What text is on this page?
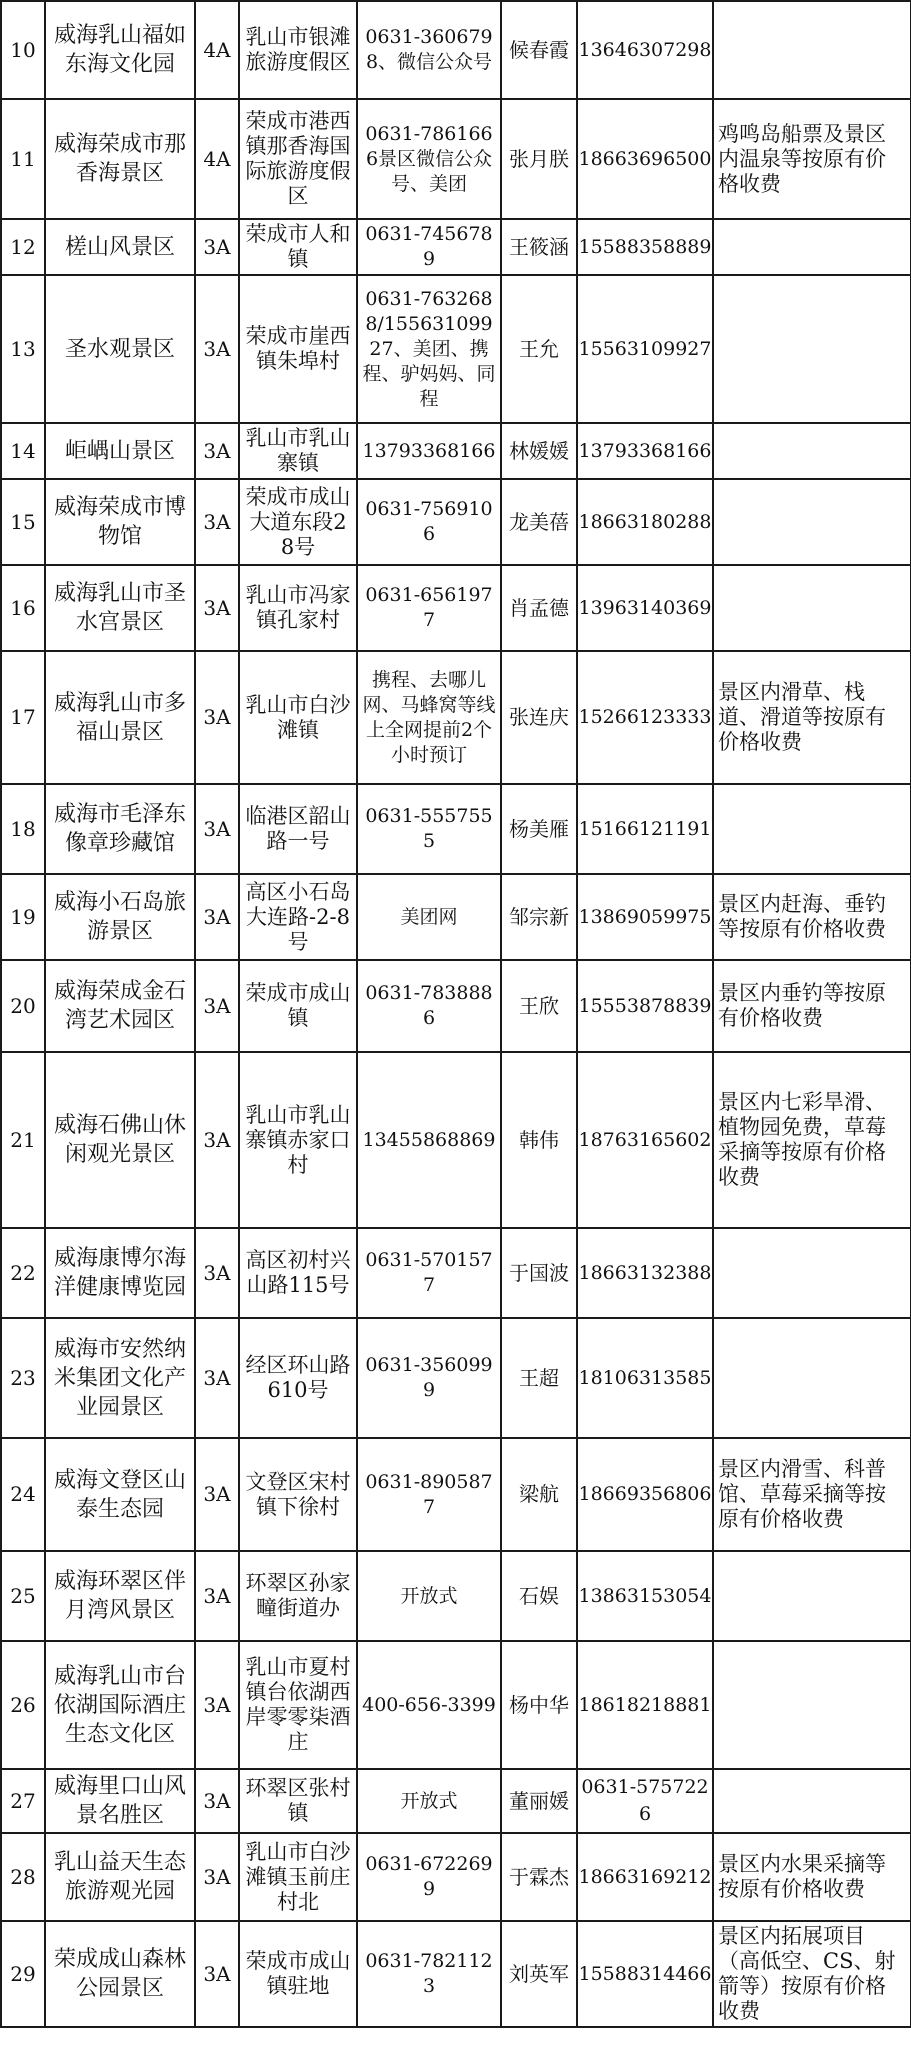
10	威海乳山福如东海文化园	4A	乳山市银滩旅游度假区	0631-3606798、微信公众号	候春霞	13646307298	
11	威海荣成市那香海景区	4A	荣成市港西镇那香海国际旅游度假区	0631-7861666景区微信公众号、美团	张月朕	18663696500	鸡鸣岛船票及景区内温泉等按原有价格收费
12	槎山风景区	3A	荣成市人和镇	0631-7456789	王筱涵	15588358889	
13	圣水观景区	3A	荣成市崖西镇朱埠村	0631-7632688/15563109927、美团、携程、驴妈妈、同程	王允	15563109927	
14	岠嵎山景区	3A	乳山市乳山寨镇	13793368166	林媛媛	13793368166	
15	威海荣成市博物馆	3A	荣成市成山大道东段28号	0631-7569106	龙美蓓	18663180288	
16	威海乳山市圣水宫景区	3A	乳山市冯家镇孔家村	0631-6561977	肖孟德	13963140369	
17	威海乳山市多福山景区	3A	乳山市白沙滩镇	携程、去哪儿网、马蜂窝等线上全网提前2个小时预订	张连庆	15266123333	景区内滑草、栈道、滑道等按原有价格收费
18	威海市毛泽东像章珍藏馆	3A	临港区韶山路一号	0631-5557555	杨美雁	15166121191	
19	威海小石岛旅游景区	3A	高区小石岛大连路-2-8号	美团网	邹宗新	13869059975	景区内赶海、垂钓等按原有价格收费
20	威海荣成金石湾艺术园区	3A	荣成市成山镇	0631-7838886	王欣	15553878839	景区内垂钓等按原有价格收费
21	威海石佛山休闲观光景区	3A	乳山市乳山寨镇赤家口村	13455868869	韩伟	18763165602	景区内七彩旱滑、植物园免费，草莓采摘等按原有价格收费
22	威海康博尔海洋健康博览园	3A	高区初村兴山路115号	0631-5701577	于国波	18663132388	
23	威海市安然纳米集团文化产业园景区	3A	经区环山路610号	0631-3560999	王超	18106313585	
24	威海文登区山泰生态园	3A	文登区宋村镇下徐村	0631-8905877	梁航	18669356806	景区内滑雪、科普馆、草莓采摘等按原有价格收费
25	威海环翠区伴月湾风景区	3A	环翠区孙家疃街道办	开放式	石娱	13863153054	
26	威海乳山市台依湖国际酒庄生态文化区	3A	乳山市夏村镇台依湖西岸零零柒酒庄	400-656-3399	杨中华	18618218881	
27	威海里口山风景名胜区	3A	环翠区张村镇	开放式	董丽媛	0631-5757226	
28	乳山益天生态旅游观光园	3A	乳山市白沙滩镇玉前庄村北	0631-6722699	于霖杰	18663169212	景区内水果采摘等按原有价格收费
29	荣成成山森林公园景区	3A	荣成市成山镇驻地	0631-7821123	刘英军	15588314466	景区内拓展项目（高低空、CS、射箭等）按原有价格收费
